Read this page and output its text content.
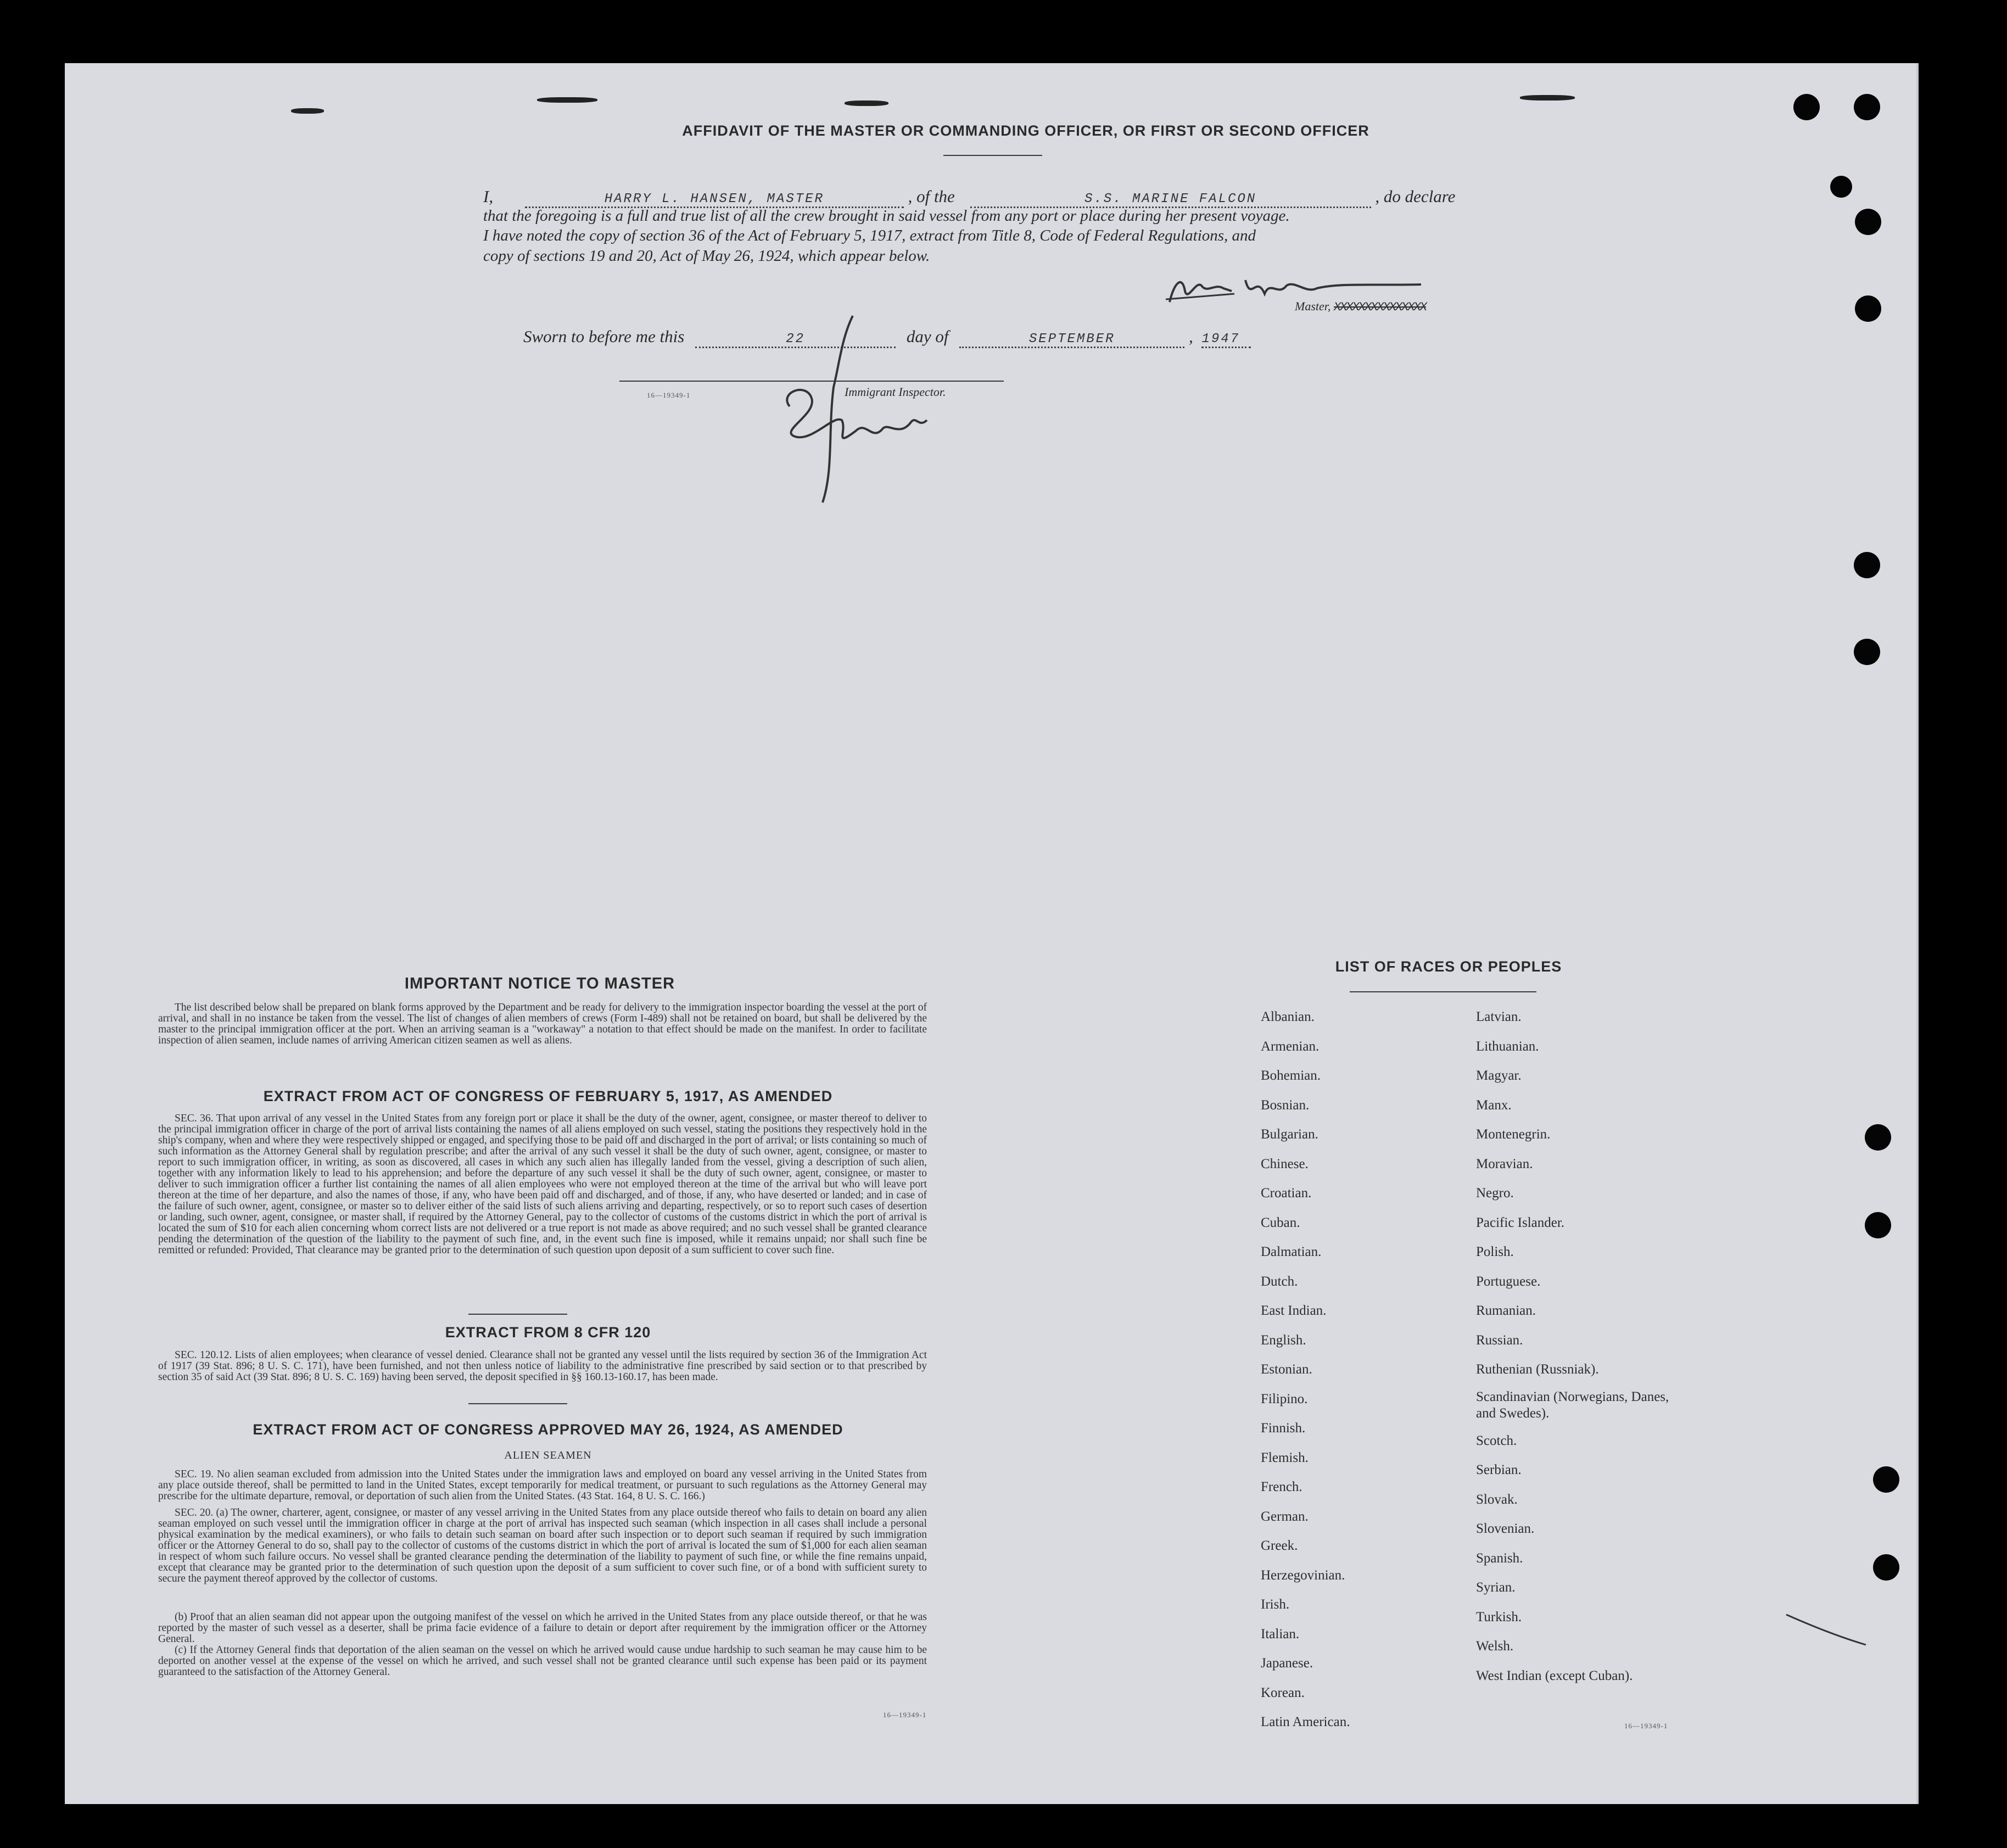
AFFIDAVIT OF THE MASTER OR COMMANDING OFFICER, OR FIRST OR SECOND OFFICER
I,	HARRY L. HANSEN, MASTER	, of the	S.S. MARINE FALCON	, do declare
that the foregoing is a full and true list of all the crew brought in said vessel from any port or place during her present voyage.
I have noted the copy of section 36 of the Act of February 5, 1917, extract from Title 8, Code of Federal Regulations, and
copy of sections 19 and 20, Act of May 26, 1924, which appear below.
Master, XXXXXXXXXXXXXXX
Sworn to before me this	22	day of	SEPTEMBER	, 1947
Immigrant Inspector.
16—19349-1
IMPORTANT NOTICE TO MASTER
The list described below shall be prepared on blank forms approved by the Department and be ready for delivery to the immigration inspector boarding the vessel at the port of arrival, and shall in no instance be taken from the vessel. The list of changes of alien members of crews (Form I-489) shall not be retained on board, but shall be delivered by the master to the principal immigration officer at the port. When an arriving seaman is a "workaway" a notation to that effect should be made on the manifest. In order to facilitate inspection of alien seamen, include names of arriving American citizen seamen as well as aliens.
EXTRACT FROM ACT OF CONGRESS OF FEBRUARY 5, 1917, AS AMENDED
SEC. 36. That upon arrival of any vessel in the United States from any foreign port or place it shall be the duty of the owner, agent, consignee, or master thereof to deliver to the principal immigration officer in charge of the port of arrival lists containing the names of all aliens employed on such vessel, stating the positions they respectively hold in the ship's company, when and where they were respectively shipped or engaged, and specifying those to be paid off and discharged in the port of arrival; or lists containing so much of such information as the Attorney General shall by regulation prescribe; and after the arrival of any such vessel it shall be the duty of such owner, agent, consignee, or master to report to such immigration officer, in writing, as soon as discovered, all cases in which any such alien has illegally landed from the vessel, giving a description of such alien, together with any information likely to lead to his apprehension; and before the departure of any such vessel it shall be the duty of such owner, agent, consignee, or master to deliver to such immigration officer a further list containing the names of all alien employees who were not employed thereon at the time of the arrival but who will leave port thereon at the time of her departure, and also the names of those, if any, who have been paid off and discharged, and of those, if any, who have deserted or landed; and in case of the failure of such owner, agent, consignee, or master so to deliver either of the said lists of such aliens arriving and departing, respectively, or so to report such cases of desertion or landing, such owner, agent, consignee, or master shall, if required by the Attorney General, pay to the collector of customs of the customs district in which the port of arrival is located the sum of $10 for each alien concerning whom correct lists are not delivered or a true report is not made as above required; and no such vessel shall be granted clearance pending the determination of the question of the liability to the payment of such fine, and, in the event such fine is imposed, while it remains unpaid; nor shall such fine be remitted or refunded: Provided, That clearance may be granted prior to the determination of such question upon deposit of a sum sufficient to cover such fine.
EXTRACT FROM 8 CFR 120
SEC. 120.12. Lists of alien employees; when clearance of vessel denied. Clearance shall not be granted any vessel until the lists required by section 36 of the Immigration Act of 1917 (39 Stat. 896; 8 U. S. C. 171), have been furnished, and not then unless notice of liability to the administrative fine prescribed by said section or to that prescribed by section 35 of said Act (39 Stat. 896; 8 U. S. C. 169) having been served, the deposit specified in §§ 160.13-160.17, has been made.
EXTRACT FROM ACT OF CONGRESS APPROVED MAY 26, 1924, AS AMENDED
ALIEN SEAMEN
SEC. 19. No alien seaman excluded from admission into the United States under the immigration laws and employed on board any vessel arriving in the United States from any place outside thereof, shall be permitted to land in the United States, except temporarily for medical treatment, or pursuant to such regulations as the Attorney General may prescribe for the ultimate departure, removal, or deportation of such alien from the United States. (43 Stat. 164, 8 U. S. C. 166.)
SEC. 20. (a) The owner, charterer, agent, consignee, or master of any vessel arriving in the United States from any place outside thereof who fails to detain on board any alien seaman employed on such vessel until the immigration officer in charge at the port of arrival has inspected such seaman (which inspection in all cases shall include a personal physical examination by the medical examiners), or who fails to detain such seaman on board after such inspection or to deport such seaman if required by such immigration officer or the Attorney General to do so, shall pay to the collector of customs of the customs district in which the port of arrival is located the sum of $1,000 for each alien seaman in respect of whom such failure occurs. No vessel shall be granted clearance pending the determination of the liability to payment of such fine, or while the fine remains unpaid, except that clearance may be granted prior to the determination of such question upon the deposit of a sum sufficient to cover such fine, or of a bond with sufficient surety to secure the payment thereof approved by the collector of customs.
(b) Proof that an alien seaman did not appear upon the outgoing manifest of the vessel on which he arrived in the United States from any place outside thereof, or that he was reported by the master of such vessel as a deserter, shall be prima facie evidence of a failure to detain or deport after requirement by the immigration officer or the Attorney General.
(c) If the Attorney General finds that deportation of the alien seaman on the vessel on which he arrived would cause undue hardship to such seaman he may cause him to be deported on another vessel at the expense of the vessel on which he arrived, and such vessel shall not be granted clearance until such expense has been paid or its payment guaranteed to the satisfaction of the Attorney General.
16—19349-1
LIST OF RACES OR PEOPLES
Albanian.
Armenian.
Bohemian.
Bosnian.
Bulgarian.
Chinese.
Croatian.
Cuban.
Dalmatian.
Dutch.
East Indian.
English.
Estonian.
Filipino.
Finnish.
Flemish.
French.
German.
Greek.
Herzegovinian.
Irish.
Italian.
Japanese.
Korean.
Latin American.
Latvian.
Lithuanian.
Magyar.
Manx.
Montenegrin.
Moravian.
Negro.
Pacific Islander.
Polish.
Portuguese.
Rumanian.
Russian.
Ruthenian (Russniak).
Scandinavian (Norwegians, Danes, and Swedes).
Scotch.
Serbian.
Slovak.
Slovenian.
Spanish.
Syrian.
Turkish.
Welsh.
West Indian (except Cuban).
16—19349-1
